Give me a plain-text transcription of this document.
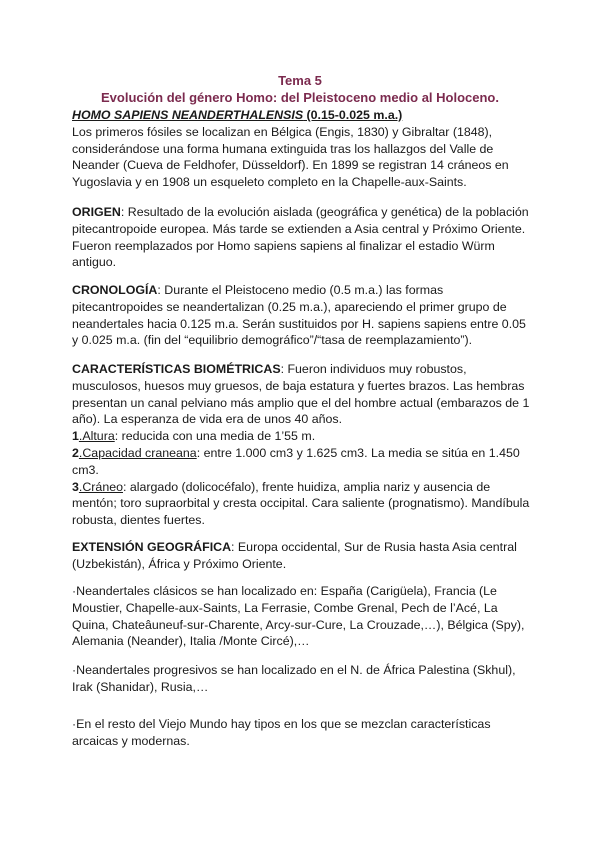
Tema 5
Evolución del género Homo: del Pleistoceno medio al Holoceno.
HOMO SAPIENS NEANDERTHALENSIS (0.15-0.025 m.a.)
Los primeros fósiles se localizan en Bélgica (Engis, 1830) y Gibraltar (1848), considerándose una forma humana extinguida tras los hallazgos del Valle de Neander (Cueva de Feldhofer, Düsseldorf). En 1899 se registran 14 cráneos en Yugoslavia y en 1908 un esqueleto completo en la Chapelle-aux-Saints.
ORIGEN: Resultado de la evolución aislada (geográfica y genética) de la población pitecantropoide europea. Más tarde se extienden a Asia central y Próximo Oriente. Fueron reemplazados por Homo sapiens sapiens al finalizar el estadio Würm antiguo.
CRONOLOGÍA: Durante el Pleistoceno medio (0.5 m.a.) las formas pitecantropoides se neandertalizan (0.25 m.a.), apareciendo el primer grupo de neandertales hacia 0.125 m.a. Serán sustituidos por H. sapiens sapiens entre 0.05 y 0.025 m.a. (fin del “equilibrio demográfico”/“tasa de reemplazamiento”).
CARACTERÍSTICAS BIOMÉTRICAS: Fueron individuos muy robustos, musculosos, huesos muy gruesos, de baja estatura y fuertes brazos. Las hembras presentan un canal pelviano más amplio que el del hombre actual (embarazos de 1 año). La esperanza de vida era de unos 40 años.
1.Altura: reducida con una media de 1’55 m.
2.Capacidad craneana: entre 1.000 cm3 y 1.625 cm3. La media se sitúa en 1.450 cm3.
3.Cráneo: alargado (dolicocéfalo), frente huidiza, amplia nariz y ausencia de mentón; toro supraorbital y cresta occipital. Cara saliente (prognatismo). Mandíbula robusta, dientes fuertes.
EXTENSIÓN GEOGRÁFICA: Europa occidental, Sur de Rusia hasta Asia central (Uzbekistán), África y Próximo Oriente.
·Neandertales clásicos se han localizado en: España (Carigüela), Francia (Le Moustier, Chapelle-aux-Saints, La Ferrasie, Combe Grenal, Pech de l’Acé, La Quina, Chateâuneuf-sur-Charente, Arcy-sur-Cure, La Crouzade,…), Bélgica (Spy), Alemania (Neander), Italia /Monte Circé),…
·Neandertales progresivos se han localizado en el N. de África Palestina (Skhul), Irak (Shanidar), Rusia,…
·En el resto del Viejo Mundo hay tipos en los que se mezclan características arcaicas y modernas.
